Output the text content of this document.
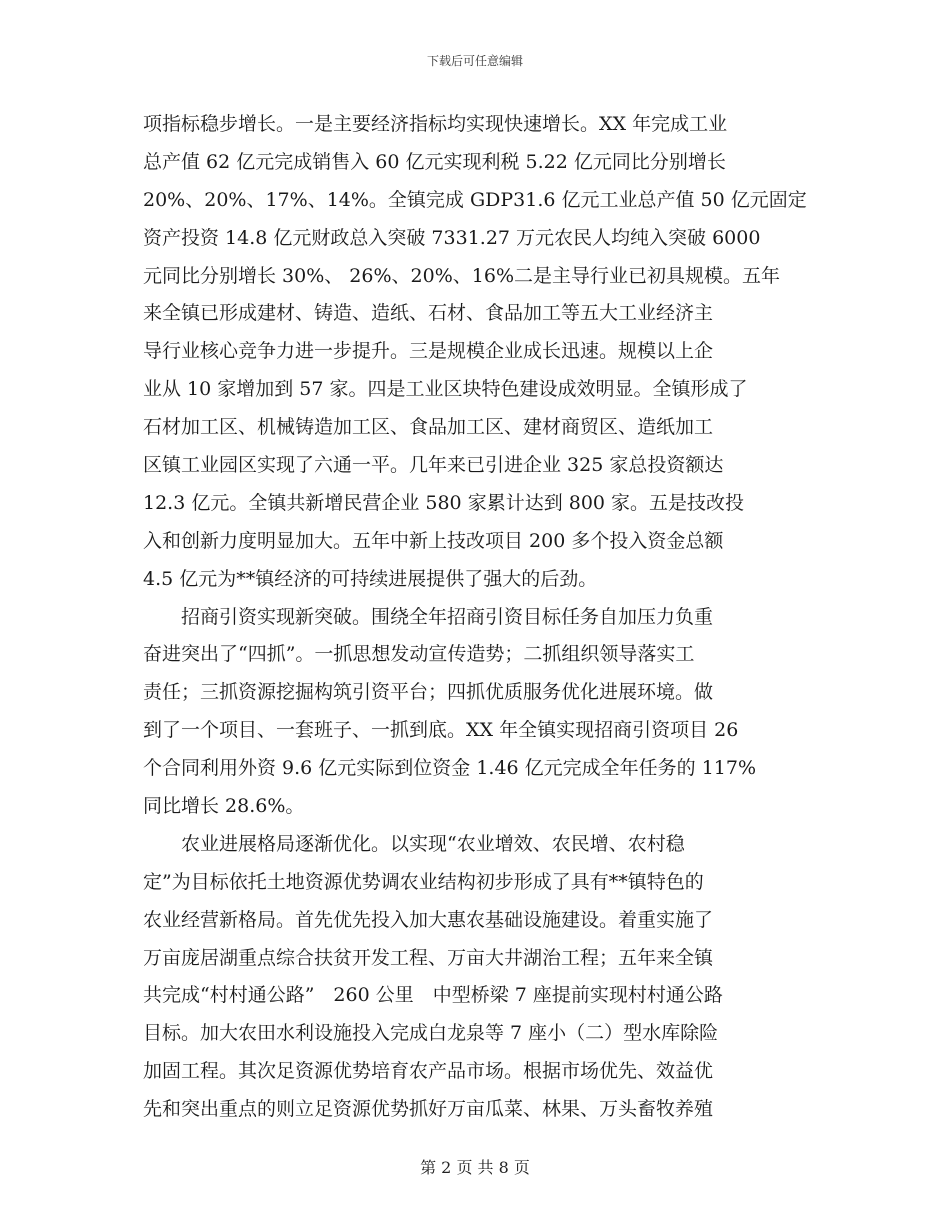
下载后可任意编辑
项指标稳步增长。一是主要经济指标均实现快速增长。XX 年完成工业
总产值 62 亿元完成销售入 60 亿元实现利税 5.22 亿元同比分别增长
20%、20%、17%、14%。全镇完成 GDP31.6 亿元工业总产值 50 亿元固定
资产投资 14.8 亿元财政总入突破 7331.27 万元农民人均纯入突破 6000
元同比分别增长 30%、 26%、20%、16%二是主导行业已初具规模。五年
来全镇已形成建材、铸造、造纸、石材、食品加工等五大工业经济主
导行业核心竞争力进一步提升。三是规模企业成长迅速。规模以上企
业从 10 家增加到 57 家。四是工业区块特色建设成效明显。全镇形成了
石材加工区、机械铸造加工区、食品加工区、建材商贸区、造纸加工
区镇工业园区实现了六通一平。几年来已引进企业 325 家总投资额达
12.3 亿元。全镇共新增民营企业 580 家累计达到 800 家。五是技改投
入和创新力度明显加大。五年中新上技改项目 200 多个投入资金总额
4.5 亿元为**镇经济的可持续进展提供了强大的后劲。
　　招商引资实现新突破。围绕全年招商引资目标任务自加压力负重
奋进突出了“四抓”。一抓思想发动宣传造势；二抓组织领导落实工
责任；三抓资源挖掘构筑引资平台；四抓优质服务优化进展环境。做
到了一个项目、一套班子、一抓到底。XX 年全镇实现招商引资项目 26
个合同利用外资 9.6 亿元实际到位资金 1.46 亿元完成全年任务的 117%
同比增长 28.6%。
　　农业进展格局逐渐优化。以实现“农业增效、农民增、农村稳
定”为目标依托土地资源优势调农业结构初步形成了具有**镇特色的
农业经营新格局。首先优先投入加大惠农基础设施建设。着重实施了
万亩庞居湖重点综合扶贫开发工程、万亩大井湖治工程；五年来全镇
共完成“村村通公路”　260 公里　中型桥梁 7 座提前实现村村通公路
目标。加大农田水利设施投入完成白龙泉等 7 座小（二）型水库除险
加固工程。其次足资源优势培育农产品市场。根据市场优先、效益优
先和突出重点的则立足资源优势抓好万亩瓜菜、林果、万头畜牧养殖
第 2 页 共 8 页
